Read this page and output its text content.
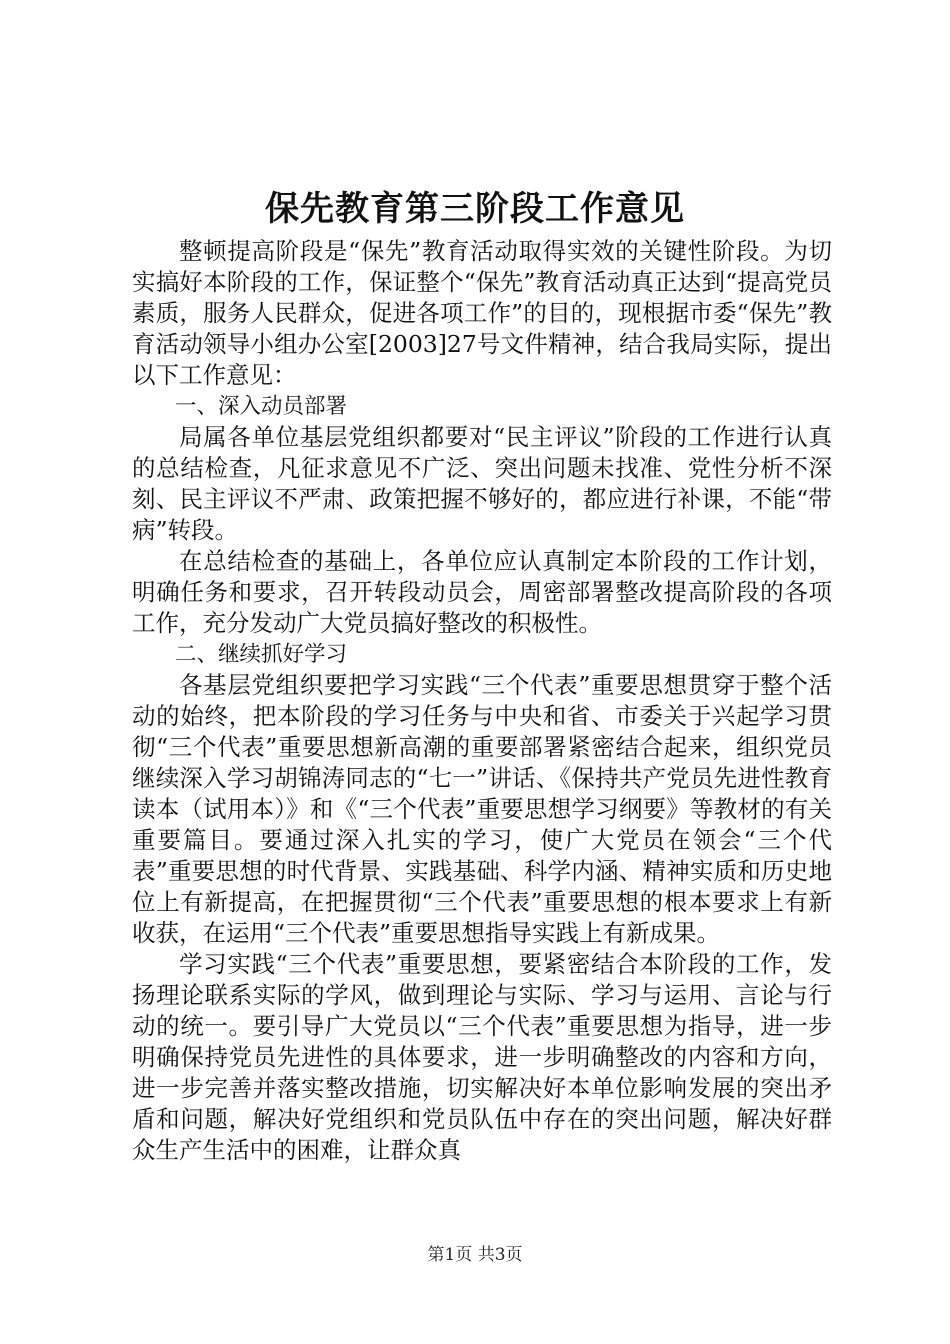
保先教育第三阶段工作意见

整顿提高阶段是“保先”教育活动取得实效的关键性阶段。为切实搞好本阶段的工作，保证整个“保先”教育活动真正达到“提高党员素质，服务人民群众，促进各项工作”的目的，现根据市委“保先”教育活动领导小组办公室[2003]27号文件精神，结合我局实际，提出以下工作意见：

一、深入动员部署

局属各单位基层党组织都要对“民主评议”阶段的工作进行认真的总结检查，凡征求意见不广泛、突出问题未找准、党性分析不深刻、民主评议不严肃、政策把握不够好的，都应进行补课，不能“带病”转段。

在总结检查的基础上，各单位应认真制定本阶段的工作计划，明确任务和要求，召开转段动员会，周密部署整改提高阶段的各项工作，充分发动广大党员搞好整改的积极性。

二、继续抓好学习

各基层党组织要把学习实践“三个代表”重要思想贯穿于整个活动的始终，把本阶段的学习任务与中央和省、市委关于兴起学习贯彻“三个代表”重要思想新高潮的重要部署紧密结合起来，组织党员继续深入学习胡锦涛同志的“七一”讲话、《保持共产党员先进性教育读本（试用本）》和《“三个代表”重要思想学习纲要》等教材的有关重要篇目。要通过深入扎实的学习，使广大党员在领会“三个代表”重要思想的时代背景、实践基础、科学内涵、精神实质和历史地位上有新提高，在把握贯彻“三个代表”重要思想的根本要求上有新收获，在运用“三个代表”重要思想指导实践上有新成果。

学习实践“三个代表”重要思想，要紧密结合本阶段的工作，发扬理论联系实际的学风，做到理论与实际、学习与运用、言论与行动的统一。要引导广大党员以“三个代表”重要思想为指导，进一步明确保持党员先进性的具体要求，进一步明确整改的内容和方向，进一步完善并落实整改措施，切实解决好本单位影响发展的突出矛盾和问题，解决好党组织和党员队伍中存在的突出问题，解决好群众生产生活中的困难，让群众真

第1页 共3页
